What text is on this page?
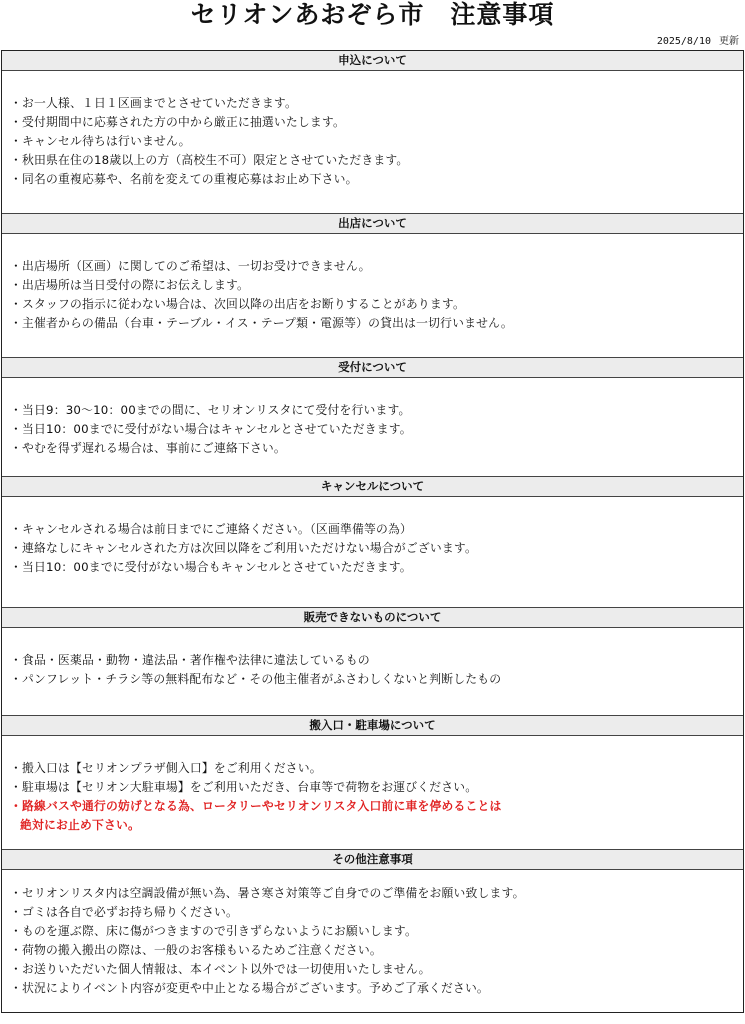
セリオンあおぞら市　注意事項
2025/8/10 更新
申込について
・お一人様、１日１区画までとさせていただきます。
・受付期間中に応募された方の中から厳正に抽選いたします。
・キャンセル待ちは行いません。
・秋田県在住の18歳以上の方（高校生不可）限定とさせていただきます。
・同名の重複応募や、名前を変えての重複応募はお止め下さい。
出店について
・出店場所（区画）に関してのご希望は、一切お受けできません。
・出店場所は当日受付の際にお伝えします。
・スタッフの指示に従わない場合は、次回以降の出店をお断りすることがあります。
・主催者からの備品（台車・テーブル・イス・テープ類・電源等）の貸出は一切行いません。
受付について
・当日9：30～10：00までの間に、セリオンリスタにて受付を行います。
・当日10：00までに受付がない場合はキャンセルとさせていただきます。
・やむを得ず遅れる場合は、事前にご連絡下さい。
キャンセルについて
・キャンセルされる場合は前日までにご連絡ください。（区画準備等の為）
・連絡なしにキャンセルされた方は次回以降をご利用いただけない場合がございます。
・当日10：00までに受付がない場合もキャンセルとさせていただきます。
販売できないものについて
・食品・医薬品・動物・違法品・著作権や法律に違法しているもの
・パンフレット・チラシ等の無料配布など・その他主催者がふさわしくないと判断したもの
搬入口・駐車場について
・搬入口は【セリオンプラザ側入口】をご利用ください。
・駐車場は【セリオン大駐車場】をご利用いただき、台車等で荷物をお運びください。
・路線バスや通行の妨げとなる為、ロータリーやセリオンリスタ入口前に車を停めることは
絶対にお止め下さい。
その他注意事項
・セリオンリスタ内は空調設備が無い為、暑さ寒さ対策等ご自身でのご準備をお願い致します。
・ゴミは各自で必ずお持ち帰りください。
・ものを運ぶ際、床に傷がつきますので引きずらないようにお願いします。
・荷物の搬入搬出の際は、一般のお客様もいるためご注意ください。
・お送りいただいた個人情報は、本イベント以外では一切使用いたしません。
・状況によりイベント内容が変更や中止となる場合がございます。予めご了承ください。
